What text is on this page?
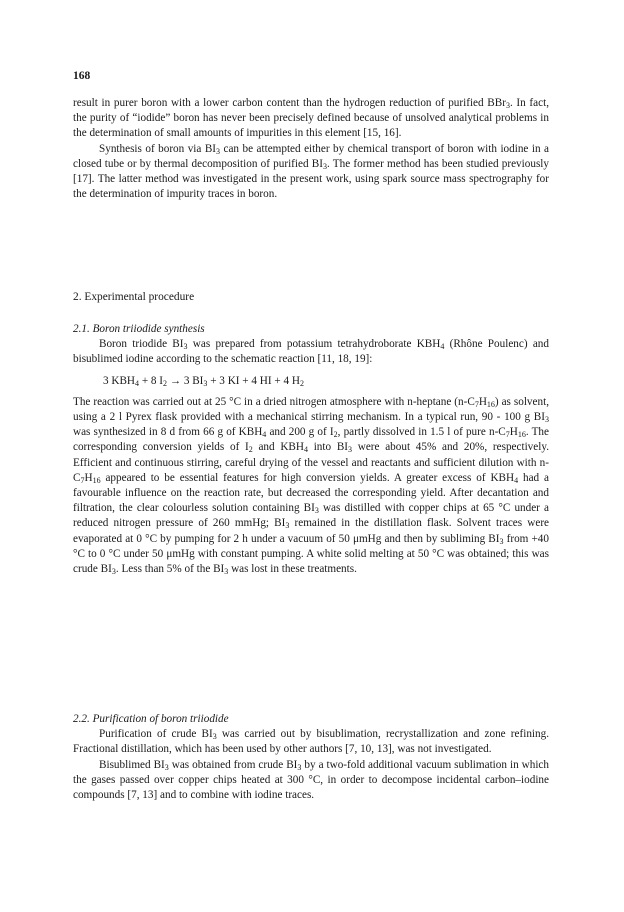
168

result in purer boron with a lower carbon content than the hydrogen reduction of purified BBr$_3$. In fact, the purity of “iodide” boron has never been precisely defined because of unsolved analytical problems in the determination of small amounts of impurities in this element [15, 16].

Synthesis of boron via $BI_3$ can be attempted either by chemical transport of boron with iodine in a closed tube or by thermal decomposition of purified $BI_3$. The former method has been studied previously [17]. The latter method was investigated in the present work, using spark source mass spectrography for the determination of impurity traces in boron.

2. Experimental procedure

2.1. Boron triiodide synthesis

Boron triodide $BI_3$ was prepared from potassium tetrahydroborate $KBH_4$ (Rhône Poulenc) and bisublimed iodine according to the schematic reaction [11, 18, 19]:

3 $KBH_4 + 8$ $I_2 \to 3$ $BI_3 + 3$ KI + 4 HI + 4 $H_2$

The reaction was carried out at 25 °C in a dried nitrogen atmosphere with n-heptane $(n-C_7H_{16})$ as solvent, using a 2 l Pyrex flask provided with a mechanical stirring mechanism. In a typical run, 90 - 100 g $BI_3$ was synthesized in 8 d from 66 g of $KBH_4$ and 200 g of $I_2$, partly dissolved in 1.5 l of pure $n-C_7H_{16}$. The corresponding conversion yields of $I_2$ and $KBH_4$ into $BI_3$ were about 45% and 20%, respectively. Efficient and continuous stirring, careful drying of the vessel and reactants and sufficient dilution with $n-C_7H_{16}$ appeared to be essential features for high conversion yields. A greater excess of $KBH_4$ had a favourable influence on the reaction rate, but decreased the corresponding yield. After decantation and filtration, the clear colourless solution containing $BI_3$ was distilled with copper chips at 65 °C under a reduced nitrogen pressure of 260 mmHg; $BI_3$ remained in the distillation flask. Solvent traces were evaporated at 0 °C by pumping for 2 h under a vacuum of 50 μmHg and then by subliming $BI_3$ from +40 °C to 0 °C under 50 μmHg with constant pumping. A white solid melting at 50 °C was obtained; this was crude $BI_3$. Less than 5% of the $BI_3$ was lost in these treatments.

2.2. Purification of boron triiodide

Purification of crude $BI_3$ was carried out by bisublimation, recrystallization and zone refining. Fractional distillation, which has been used by other authors [7, 10, 13], was not investigated.

Bisublimed $BI_3$ was obtained from crude $BI_3$ by a two-fold additional vacuum sublimation in which the gases passed over copper chips heated at 300 °C, in order to decompose incidental carbon–iodine compounds [7, 13] and to combine with iodine traces.
